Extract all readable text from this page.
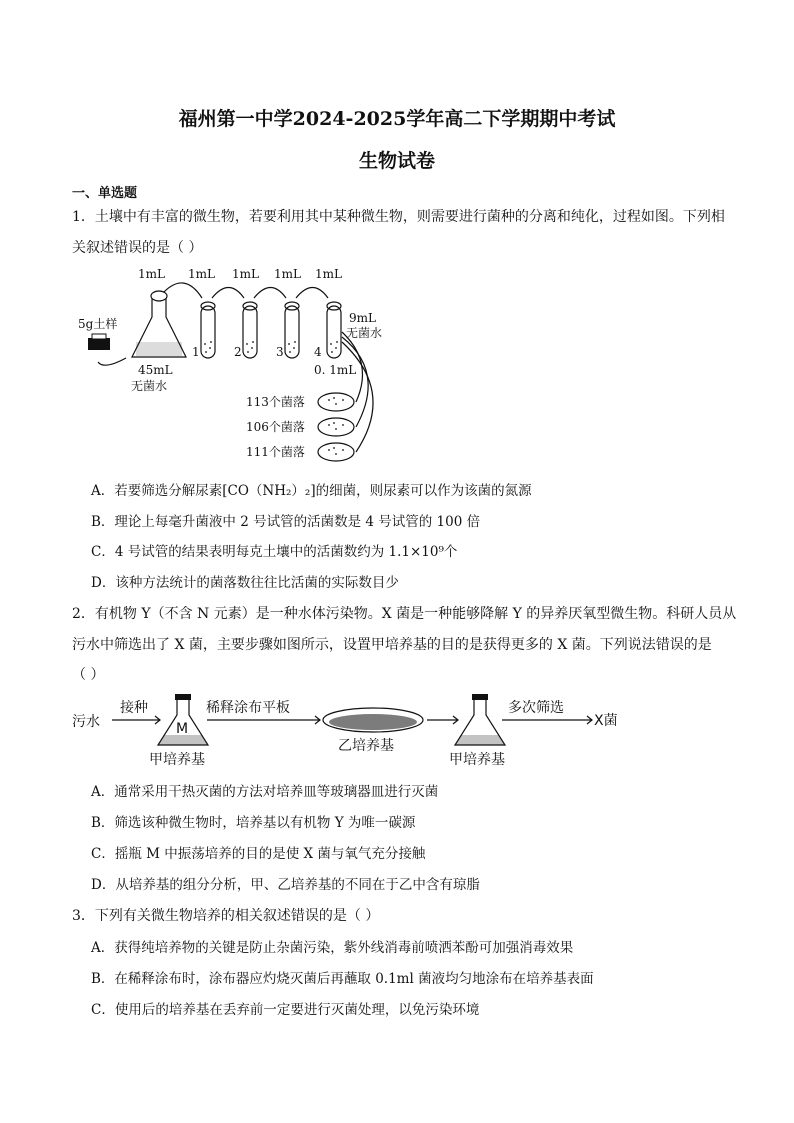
福州第一中学2024-2025学年高二下学期期中考试
生物试卷
一、单选题
1．土壤中有丰富的微生物，若要利用其中某种微生物，则需要进行菌种的分离和纯化，过程如图。下列相
关叙述错误的是（ ）
1mL 1mL 1mL 1mL 1mL
5g土样
45mL
无菌水
9mL
无菌水
1	2	3	4
0. 1mL
113个菌落
106个菌落
111个菌落
A．若要筛选分解尿素[CO（NH₂）₂]的细菌，则尿素可以作为该菌的氮源
B．理论上每毫升菌液中 2 号试管的活菌数是 4 号试管的 100 倍
C．4 号试管的结果表明每克土壤中的活菌数约为 1.1×10⁹个
D．该种方法统计的菌落数往往比活菌的实际数目少
2．有机物 Y（不含 N 元素）是一种水体污染物。X 菌是一种能够降解 Y 的异养厌氧型微生物。科研人员从
污水中筛选出了 X 菌，主要步骤如图所示，设置甲培养基的目的是获得更多的 X 菌。下列说法错误的是
（ ）
污水
接种
M
甲培养基
稀释涂布平板
乙培养基
甲培养基
多次筛选
X菌
A．通常采用干热灭菌的方法对培养皿等玻璃器皿进行灭菌
B．筛选该种微生物时，培养基以有机物 Y 为唯一碳源
C．摇瓶 M 中振荡培养的目的是使 X 菌与氧气充分接触
D．从培养基的组分分析，甲、乙培养基的不同在于乙中含有琼脂
3．下列有关微生物培养的相关叙述错误的是（ ）
A．获得纯培养物的关键是防止杂菌污染，紫外线消毒前喷洒苯酚可加强消毒效果
B．在稀释涂布时，涂布器应灼烧灭菌后再蘸取 0.1ml 菌液均匀地涂布在培养基表面
C．使用后的培养基在丢弃前一定要进行灭菌处理，以免污染环境
